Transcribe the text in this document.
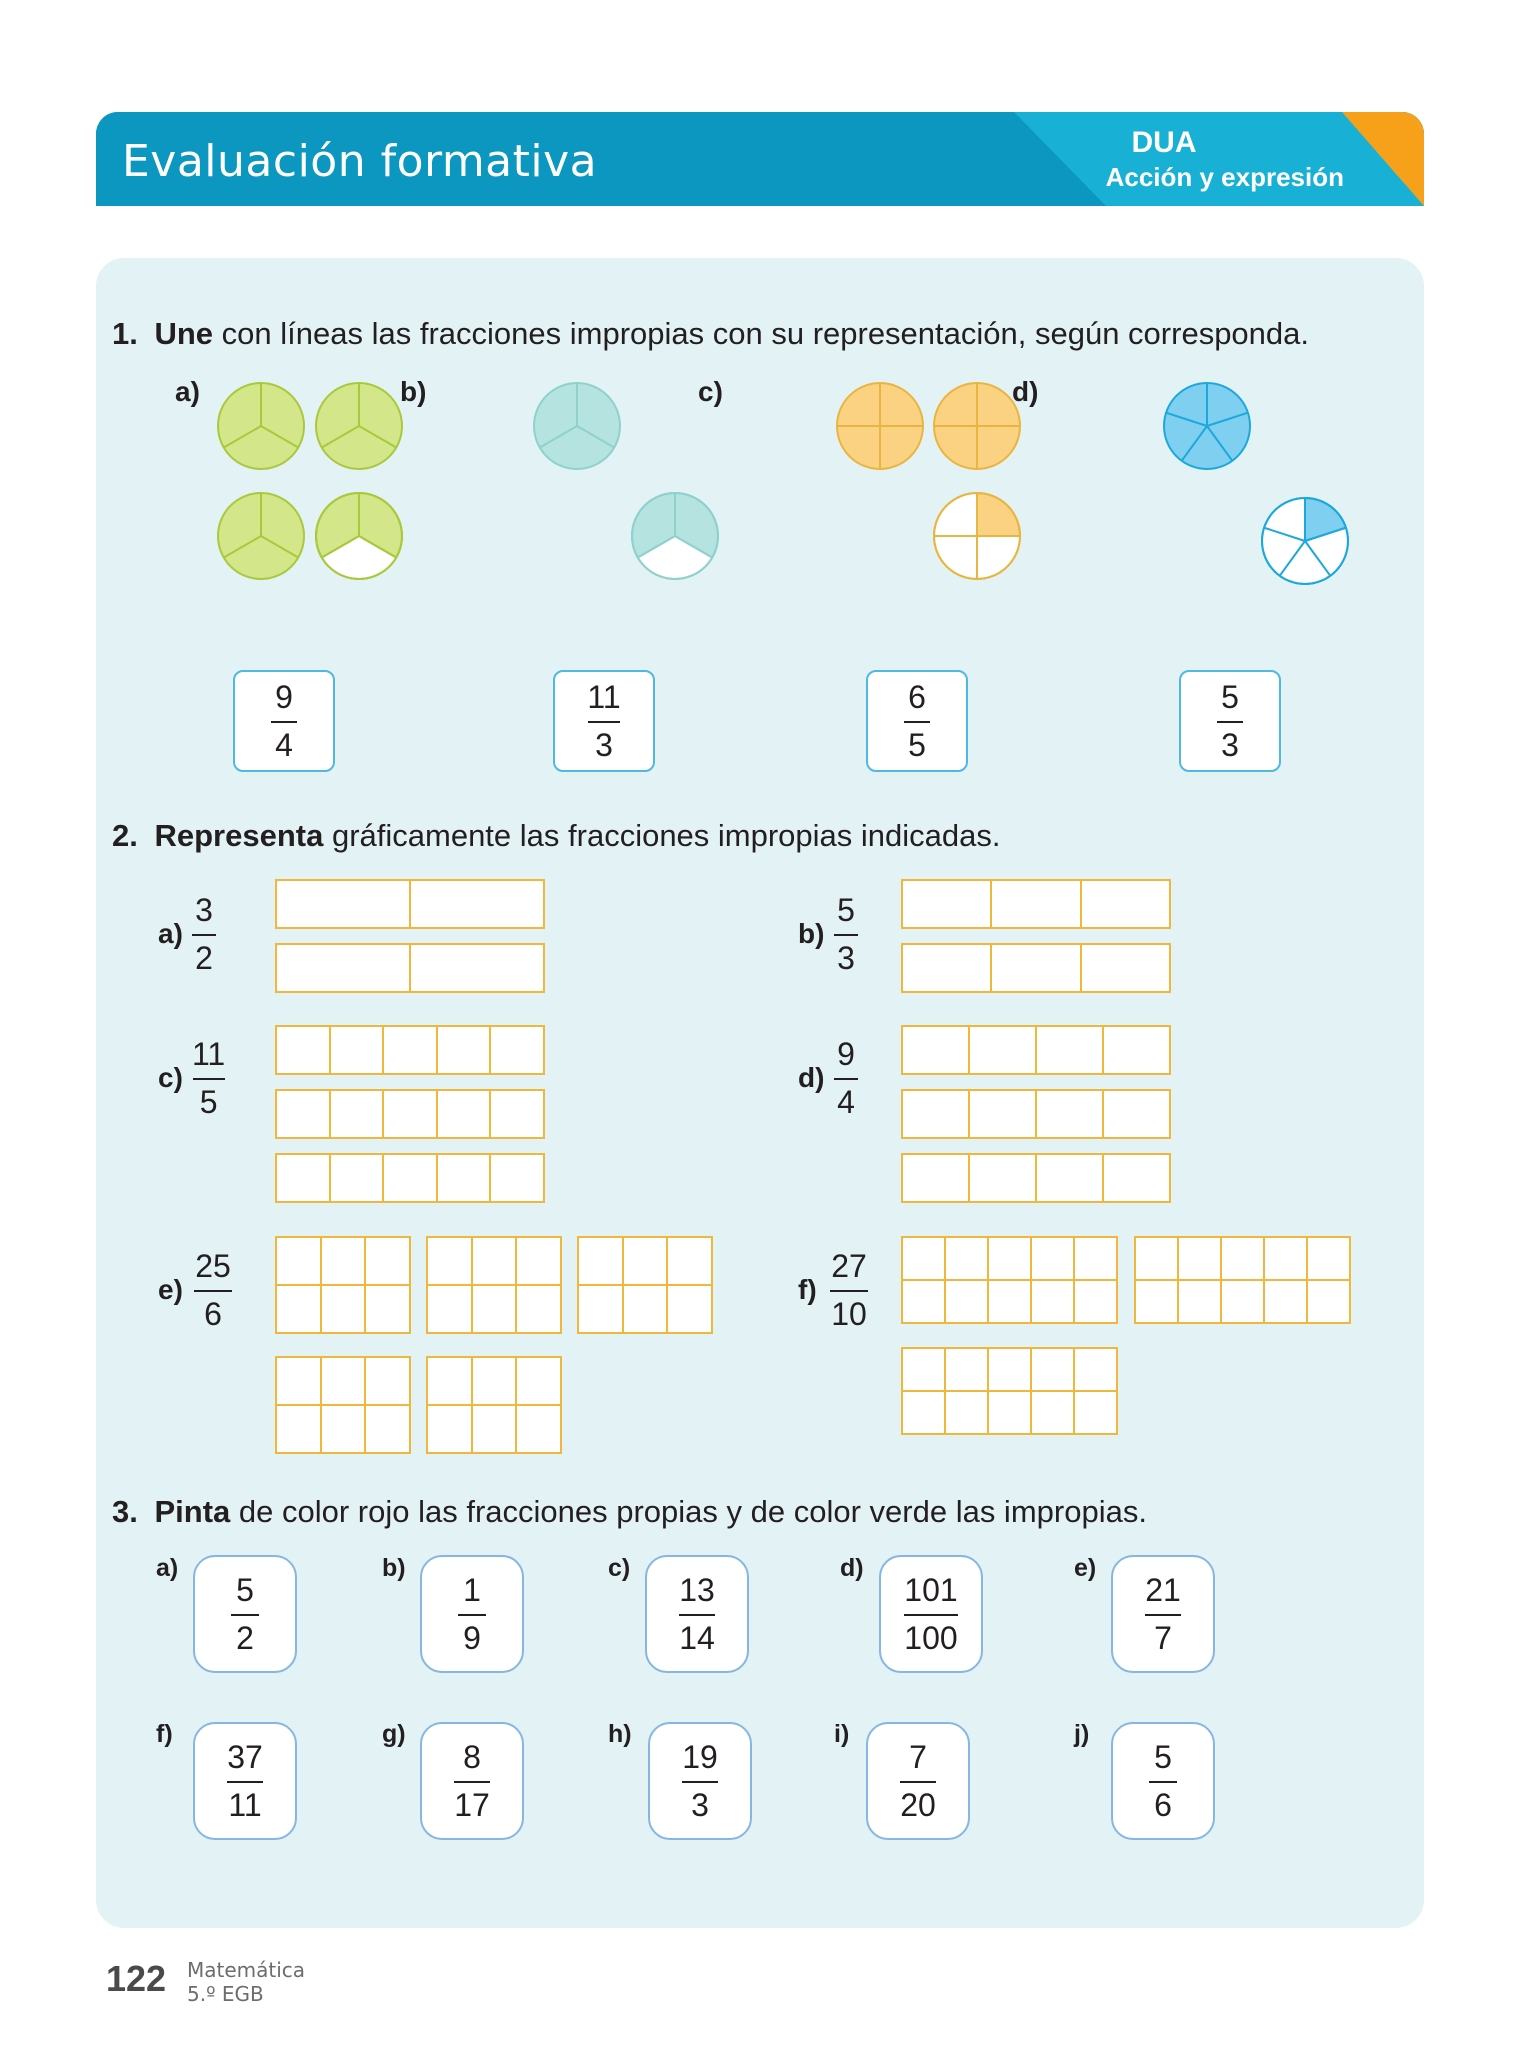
Evaluación formativa	DUA
Acción y expresión
1. Une con líneas las fracciones impropias con su representación, según corresponda.
a)	b)	c)	d)
$\frac{9}{4}$	$\frac{11}{3}$	$\frac{6}{5}$	$\frac{5}{3}$
2. Representa gráficamente las fracciones impropias indicadas.
a)
3
2
b)
5
3
c)
11
5
d)
9
4
e)
25
6
f)
27
10
3. Pinta de color rojo las fracciones propias y de color verde las impropias.
a)
$\frac{5}{2}$
b)
$\frac{1}{9}$
c)
$\frac{13}{14}$
d)
$\frac{101}{100}$
e)
$\frac{21}{7}$
f)
$\frac{37}{11}$
g)
$\frac{8}{17}$
h)
$\frac{19}{3}$
i)
$\frac{7}{20}$
j)
$\frac{5}{6}$
122 Matemática
5.º EGB
